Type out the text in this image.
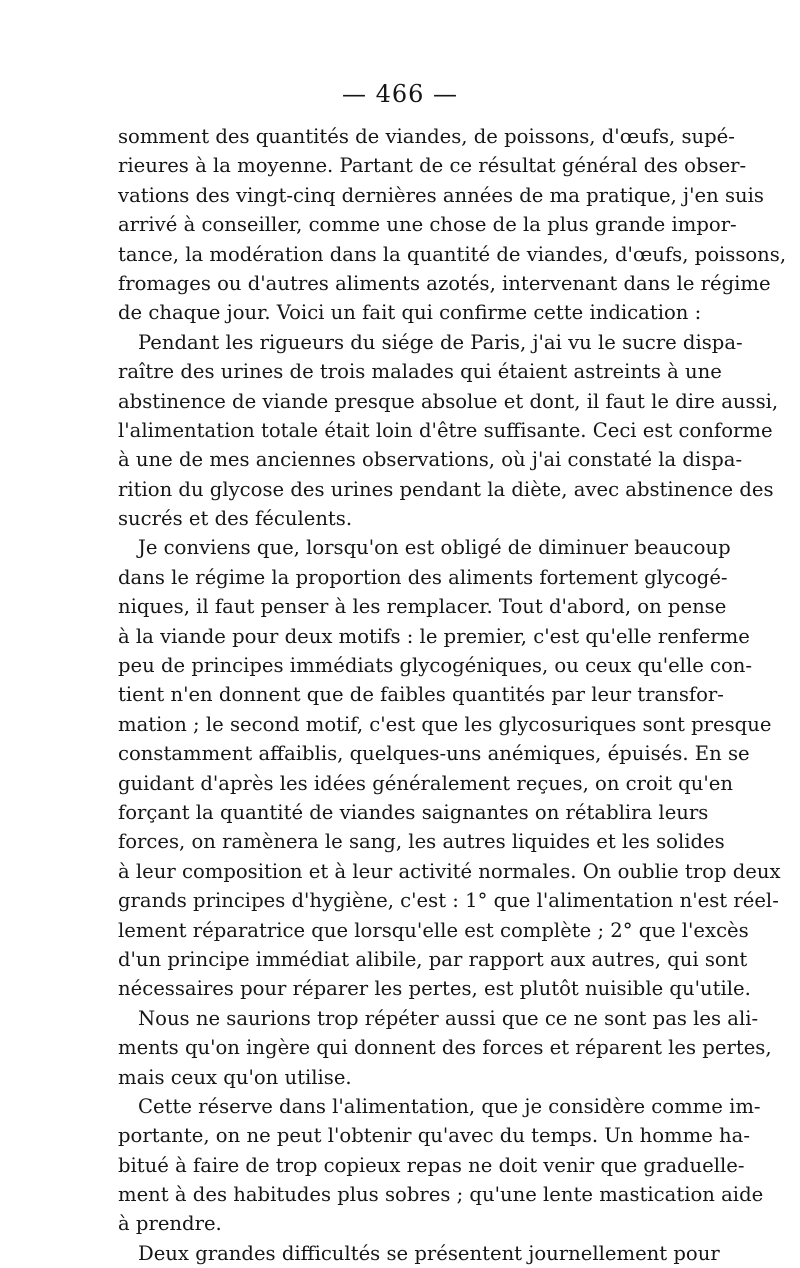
— 466 —
somment des quantités de viandes, de poissons, d'œufs, supé-
rieures à la moyenne. Partant de ce résultat général des obser-
vations des vingt-cinq dernières années de ma pratique, j'en suis
arrivé à conseiller, comme une chose de la plus grande impor-
tance, la modération dans la quantité de viandes, d'œufs, poissons,
fromages ou d'autres aliments azotés, intervenant dans le régime
de chaque jour. Voici un fait qui confirme cette indication :
Pendant les rigueurs du siége de Paris, j'ai vu le sucre dispa-
raître des urines de trois malades qui étaient astreints à une
abstinence de viande presque absolue et dont, il faut le dire aussi,
l'alimentation totale était loin d'être suffisante. Ceci est conforme
à une de mes anciennes observations, où j'ai constaté la dispa-
rition du glycose des urines pendant la diète, avec abstinence des
sucrés et des féculents.
Je conviens que, lorsqu'on est obligé de diminuer beaucoup
dans le régime la proportion des aliments fortement glycogé-
niques, il faut penser à les remplacer. Tout d'abord, on pense
à la viande pour deux motifs : le premier, c'est qu'elle renferme
peu de principes immédiats glycogéniques, ou ceux qu'elle con-
tient n'en donnent que de faibles quantités par leur transfor-
mation ; le second motif, c'est que les glycosuriques sont presque
constamment affaiblis, quelques-uns anémiques, épuisés. En se
guidant d'après les idées généralement reçues, on croit qu'en
forçant la quantité de viandes saignantes on rétablira leurs
forces, on ramènera le sang, les autres liquides et les solides
à leur composition et à leur activité normales. On oublie trop deux
grands principes d'hygiène, c'est : 1° que l'alimentation n'est réel-
lement réparatrice que lorsqu'elle est complète ; 2° que l'excès
d'un principe immédiat alibile, par rapport aux autres, qui sont
nécessaires pour réparer les pertes, est plutôt nuisible qu'utile.
Nous ne saurions trop répéter aussi que ce ne sont pas les ali-
ments qu'on ingère qui donnent des forces et réparent les pertes,
mais ceux qu'on utilise.
Cette réserve dans l'alimentation, que je considère comme im-
portante, on ne peut l'obtenir qu'avec du temps. Un homme ha-
bitué à faire de trop copieux repas ne doit venir que graduelle-
ment à des habitudes plus sobres ; qu'une lente mastication aide
à prendre.
Deux grandes difficultés se présentent journellement pour
